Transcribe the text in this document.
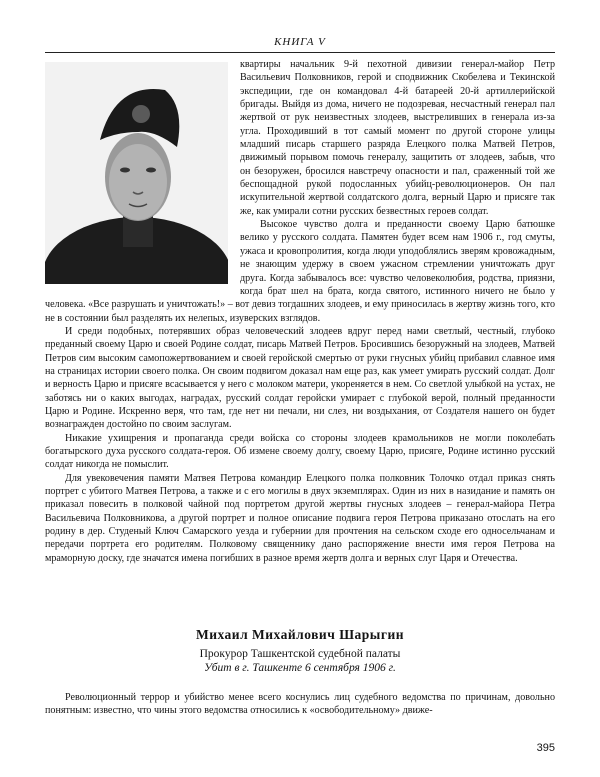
КНИГА V

квартиры начальник 9-й пехотной дивизии генерал-майор Петр Васильевич Полковников, герой и сподвижник Скобелева и Текинской экспедиции, где он командовал 4-й батареей 20-й артиллерийской бригады. Выйдя из дома, ничего не подозревая, несчастный генерал пал жертвой от рук неизвестных злодеев, выстреливших в генерала из-за угла. Проходивший в тот самый момент по другой стороне улицы младший писарь старшего разряда Елецкого полка Матвей Петров, движимый порывом помочь генералу, защитить от злодеев, забыв, что он безоружен, бросился навстречу опасности и пал, сраженный той же беспощадной рукой подосланных убийц-революционеров. Он пал искупительной жертвой солдатского долга, верный Царю и присяге так же, как умирали сотни русских безвестных героев солдат.

Высокое чувство долга и преданности своему Царю батюшке велико у русского солдата. Памятен будет всем нам 1906 г., год смуты, ужаса и кровопролития, когда люди уподоблялись зверям кровожадным, не знающим удержу в своем ужасном стремлении уничтожать друг друга. Когда забывалось все: чувство человеколюбия, родства, приязни, когда брат шел на брата, когда святого, истинного ничего не было у человека. «Все разрушать и уничтожать!» – вот девиз тогдашних злодеев, и ему приносилась в жертву жизнь того, кто не в состоянии был разделять их нелепых, изуверских взглядов.

И среди подобных, потерявших образ человеческий злодеев вдруг перед нами светлый, честный, глубоко преданный своему Царю и своей Родине солдат, писарь Матвей Петров. Бросившись безоружный на злодеев, Матвей Петров сим высоким самопожертвованием и своей геройской смертью от руки гнусных убийц прибавил славное имя на страницах истории своего полка. Он своим подвигом доказал нам еще раз, как умеет умирать русский солдат. Долг и верность Царю и присяге всасывается у него с молоком матери, укореняется в нем. Со светлой улыбкой на устах, не заботясь ни о каких выгодах, наградах, русский солдат геройски умирает с глубокой верой, полный преданности Царю и Родине. Искренно веря, что там, где нет ни печали, ни слез, ни воздыхания, от Создателя нашего он будет вознагражден достойно по своим заслугам.

Никакие ухищрения и пропаганда среди войска со стороны злодеев крамольников не могли поколебать богатырского духа русского солдата-героя. Об измене своему долгу, своему Царю, присяге, Родине истинно русский солдат никогда не помыслит.

Для увековечения памяти Матвея Петрова командир Елецкого полка полковник Толочко отдал приказ снять портрет с убитого Матвея Петрова, а также и с его могилы в двух экземплярах. Один из них в назидание и память он приказал повесить в полковой чайной под портретом другой жертвы гнусных злодеев – генерал-майора Петра Васильевича Полковникова, а другой портрет и полное описание подвига героя Петрова приказано отослать на его родину в дер. Студеный Ключ Самарского уезда и губернии для прочтения на сельском сходе его односельчанам и передачи портрета его родителям. Полковому священнику дано распоряжение внести имя героя Петрова на мраморную доску, где значатся имена погибших в разное время жертв долга и верных слуг Царя и Отечества.

Михаил Михайлович Шарыгин
Прокурор Ташкентской судебной палаты
Убит в г. Ташкенте 6 сентября 1906 г.

Революционный террор и убийство менее всего коснулись лиц судебного ведомства по причинам, довольно понятным: известно, что чины этого ведомства относились к «освободительному» движе-

395
